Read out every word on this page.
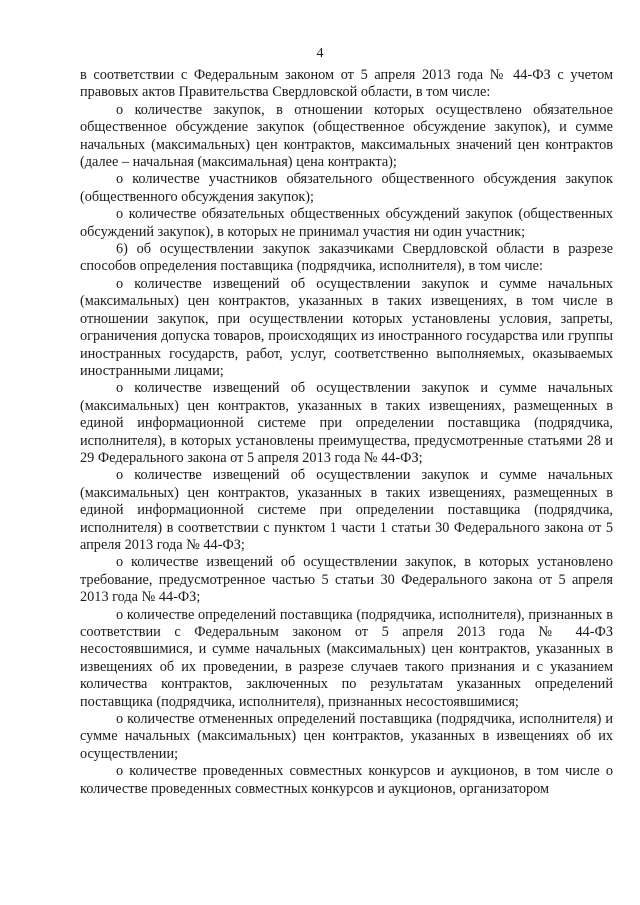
4

в соответствии с Федеральным законом от 5 апреля 2013 года № 44-ФЗ с учетом правовых актов Правительства Свердловской области, в том числе:

о количестве закупок, в отношении которых осуществлено обязательное общественное обсуждение закупок (общественное обсуждение закупок), и сумме начальных (максимальных) цен контрактов, максимальных значений цен контрактов (далее – начальная (максимальная) цена контракта);

о количестве участников обязательного общественного обсуждения закупок (общественного обсуждения закупок);

о количестве обязательных общественных обсуждений закупок (общественных обсуждений закупок), в которых не принимал участия ни один участник;

6) об осуществлении закупок заказчиками Свердловской области в разрезе способов определения поставщика (подрядчика, исполнителя), в том числе:

о количестве извещений об осуществлении закупок и сумме начальных (максимальных) цен контрактов, указанных в таких извещениях, в том числе в отношении закупок, при осуществлении которых установлены условия, запреты, ограничения допуска товаров, происходящих из иностранного государства или группы иностранных государств, работ, услуг, соответственно выполняемых, оказываемых иностранными лицами;

о количестве извещений об осуществлении закупок и сумме начальных (максимальных) цен контрактов, указанных в таких извещениях, размещенных в единой информационной системе при определении поставщика (подрядчика, исполнителя), в которых установлены преимущества, предусмотренные статьями 28 и 29 Федерального закона от 5 апреля 2013 года № 44-ФЗ;

о количестве извещений об осуществлении закупок и сумме начальных (максимальных) цен контрактов, указанных в таких извещениях, размещенных в единой информационной системе при определении поставщика (подрядчика, исполнителя) в соответствии с пунктом 1 части 1 статьи 30 Федерального закона от 5 апреля 2013 года № 44-ФЗ;

о количестве извещений об осуществлении закупок, в которых установлено требование, предусмотренное частью 5 статьи 30 Федерального закона от 5 апреля 2013 года № 44-ФЗ;

о количестве определений поставщика (подрядчика, исполнителя), признанных в соответствии с Федеральным законом от 5 апреля 2013 года № 44-ФЗ несостоявшимися, и сумме начальных (максимальных) цен контрактов, указанных в извещениях об их проведении, в разрезе случаев такого признания и с указанием количества контрактов, заключенных по результатам указанных определений поставщика (подрядчика, исполнителя), признанных несостоявшимися;

о количестве отмененных определений поставщика (подрядчика, исполнителя) и сумме начальных (максимальных) цен контрактов, указанных в извещениях об их осуществлении;

о количестве проведенных совместных конкурсов и аукционов, в том числе о количестве проведенных совместных конкурсов и аукционов, организатором
